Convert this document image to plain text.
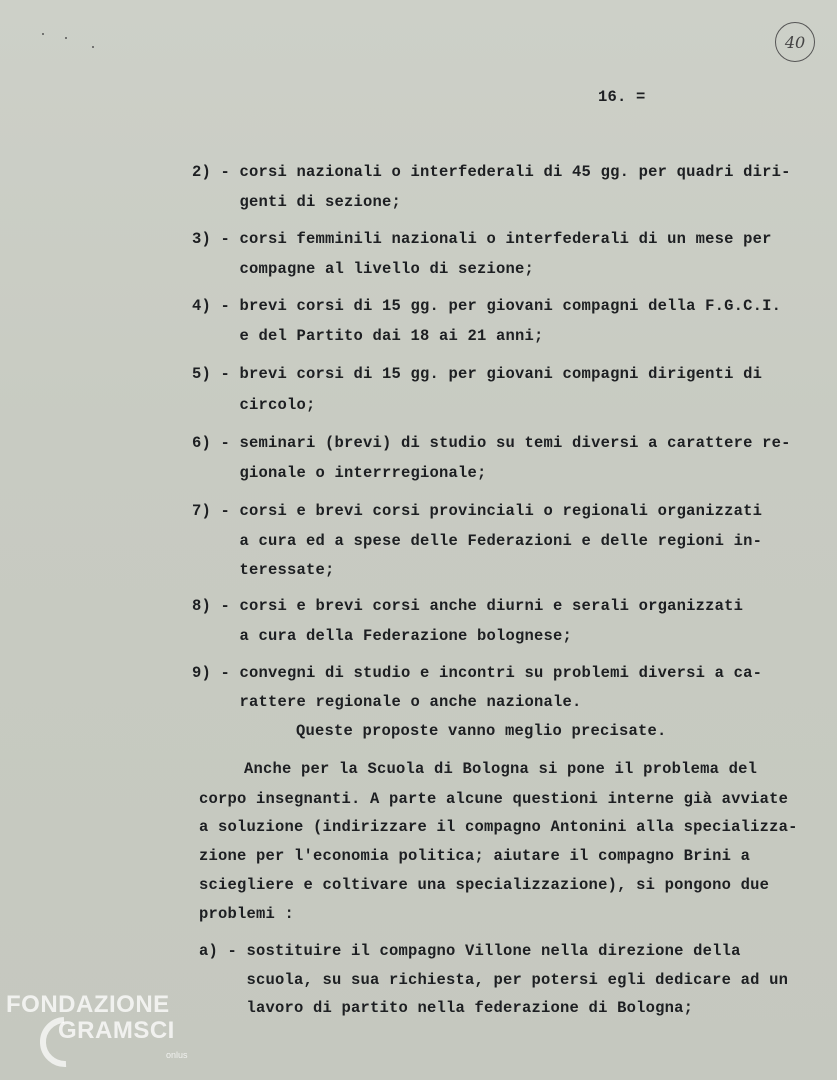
40
16. =
2) - corsi nazionali o interfederali di 45 gg. per quadri diri-
genti di sezione;
3) - corsi femminili nazionali o interfederali di un mese per
compagne al livello di sezione;
4) - brevi corsi di 15 gg. per giovani compagni della F.G.C.I.
e del Partito dai 18 ai 21 anni;
5) - brevi corsi di 15 gg. per giovani compagni dirigenti di
circolo;
6) - seminari (brevi) di studio su temi diversi a carattere re-
gionale o interrregionale;
7) - corsi e brevi corsi provinciali o regionali organizzati
a cura ed a spese delle Federazioni e delle regioni in-
teressate;
8) - corsi e brevi corsi anche diurni e serali organizzati
a cura della Federazione bolognese;
9) - convegni di studio e incontri su problemi diversi a ca-
rattere regionale o anche nazionale.
Queste proposte vanno meglio precisate.
Anche per la Scuola di Bologna si pone il problema del
corpo insegnanti. A parte alcune questioni interne già avviate
a soluzione (indirizzare il compagno Antonini alla specializza-
zione per l'economia politica; aiutare il compagno Brini a
sciegliere e coltivare una specializzazione), si pongono due
problemi :
a) - sostituire il compagno Villone nella direzione della
scuola, su sua richiesta, per potersi egli dedicare ad un
lavoro di partito nella federazione di Bologna;
FONDAZIONE
GRAMSCI
onlus
